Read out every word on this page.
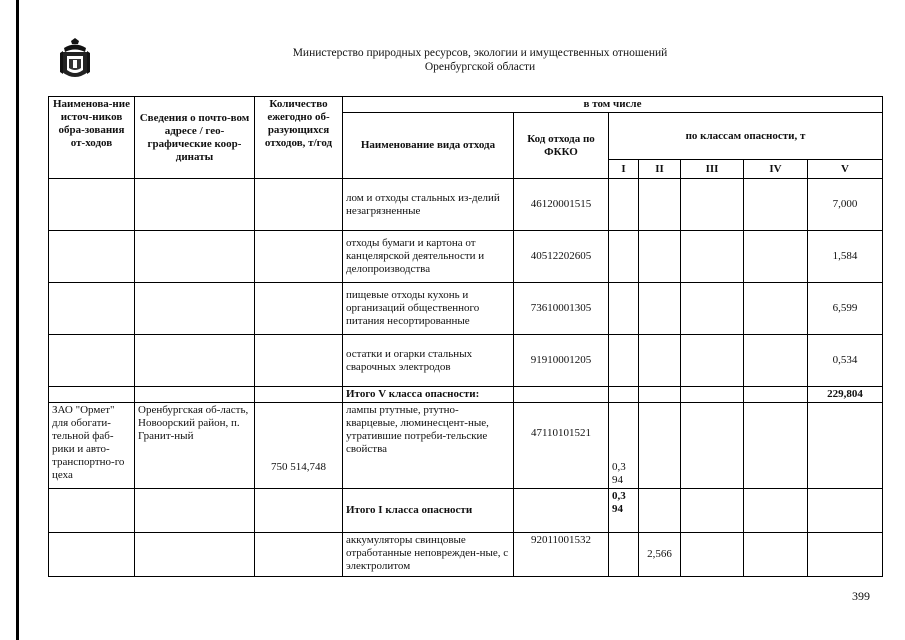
Министерство природных ресурсов, экологии и имущественных отношений
Оренбургской области
Наименова-ние источ-ников обра-зования от-ходов	Сведения о почто-вом адресе / гео-графические коор-динаты	Количество ежегодно об-разующихся отходов, т/год	в том числе						
			Наименование вида отхода	Код отхода по ФККО	по классам опасности, т				
					I	II	III	IV	V
			лом и отходы стальных из-делий незагрязненные	46120001515					7,000
			отходы бумаги и картона от канцелярской деятельности и делопроизводства	40512202605					1,584
			пищевые отходы кухонь и организаций общественного питания несортированные	73610001305					6,599
			остатки и огарки стальных сварочных электродов	91910001205					0,534
			Итого V класса опасности:						229,804
ЗАО "Ормет" для обогати-тельной фаб-рики и авто-транспортно-го цеха	Оренбургская об-ласть, Новоорский район, п. Гранит-ный	750 514,748	лампы ртутные, ртутно-кварцевые, люминесцент-ные, утратившие потреби-тельские свойства	47110101521	0,3 94				
			Итого I класса опасности		0,3 94				
			аккумуляторы свинцовые отработанные неповрежден-ные, с электролитом	92011001532		2,566			
399
